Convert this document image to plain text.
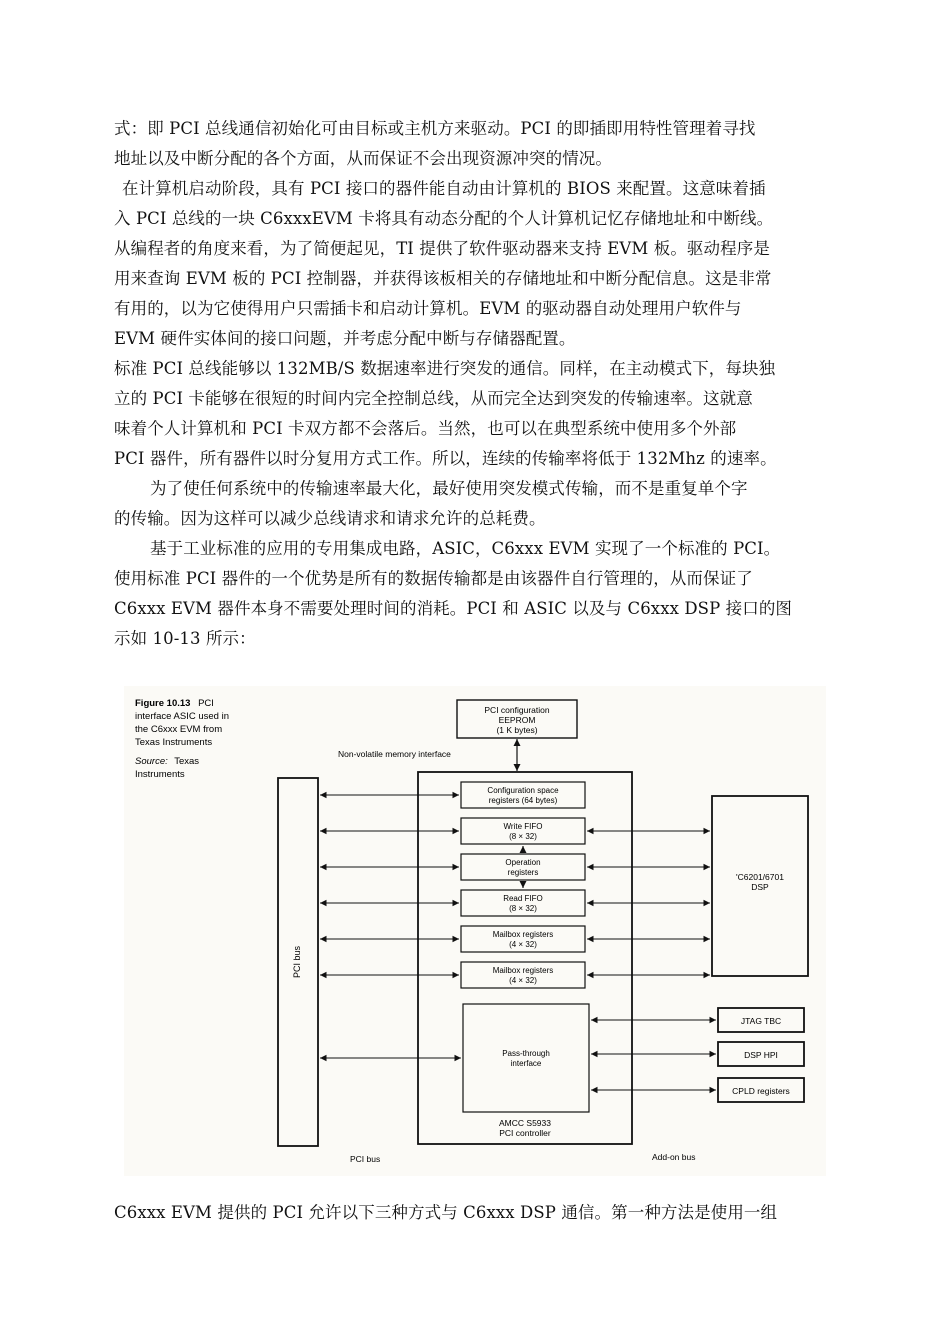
式：即 PCI 总线通信初始化可由目标或主机方来驱动。PCI 的即插即用特性管理着寻找
地址以及中断分配的各个方面，从而保证不会出现资源冲突的情况。
在计算机启动阶段，具有 PCI 接口的器件能自动由计算机的 BIOS 来配置。这意味着插
入 PCI 总线的一块 C6xxxEVM 卡将具有动态分配的个人计算机记忆存储地址和中断线。
从编程者的角度来看，为了简便起见，TI 提供了软件驱动器来支持 EVM 板。驱动程序是
用来查询 EVM 板的 PCI 控制器，并获得该板相关的存储地址和中断分配信息。这是非常
有用的，以为它使得用户只需插卡和启动计算机。EVM 的驱动器自动处理用户软件与
EVM 硬件实体间的接口问题，并考虑分配中断与存储器配置。
标准 PCI 总线能够以 132MB/S 数据速率进行突发的通信。同样，在主动模式下，每块独
立的 PCI 卡能够在很短的时间内完全控制总线，从而完全达到突发的传输速率。这就意
味着个人计算机和 PCI 卡双方都不会落后。当然，也可以在典型系统中使用多个外部
PCI 器件，所有器件以时分复用方式工作。所以，连续的传输率将低于 132Mhz 的速率。
为了使任何系统中的传输速率最大化，最好使用突发模式传输，而不是重复单个字
的传输。因为这样可以减少总线请求和请求允许的总耗费。
基于工业标准的应用的专用集成电路，ASIC，C6xxx EVM 实现了一个标准的 PCI。
使用标准 PCI 器件的一个优势是所有的数据传输都是由该器件自行管理的，从而保证了
C6xxx EVM 器件本身不需要处理时间的消耗。PCI 和 ASIC 以及与 C6xxx DSP 接口的图
示如 10-13 所示：
Figure 10.13 PCI
interface ASIC used in
the C6xxx EVM from
Texas Instruments
Source: Texas
Instruments
PCI configuration
EEPROM
(1 K bytes)
Non-volatile memory interface
PCI bus
AMCC S5933
PCI controller
'C6201/6701
DSP
Configuration space
registers (64 bytes)
Write FIFO
(8 × 32)
Operation
registers
Read FIFO
(8 × 32)
Mailbox registers
(4 × 32)
Mailbox registers
(4 × 32)
Pass-through
interface
JTAG TBC
DSP HPI
CPLD registers
PCI bus	Add-on bus
C6xxx EVM 提供的 PCI 允许以下三种方式与 C6xxx DSP 通信。第一种方法是使用一组
